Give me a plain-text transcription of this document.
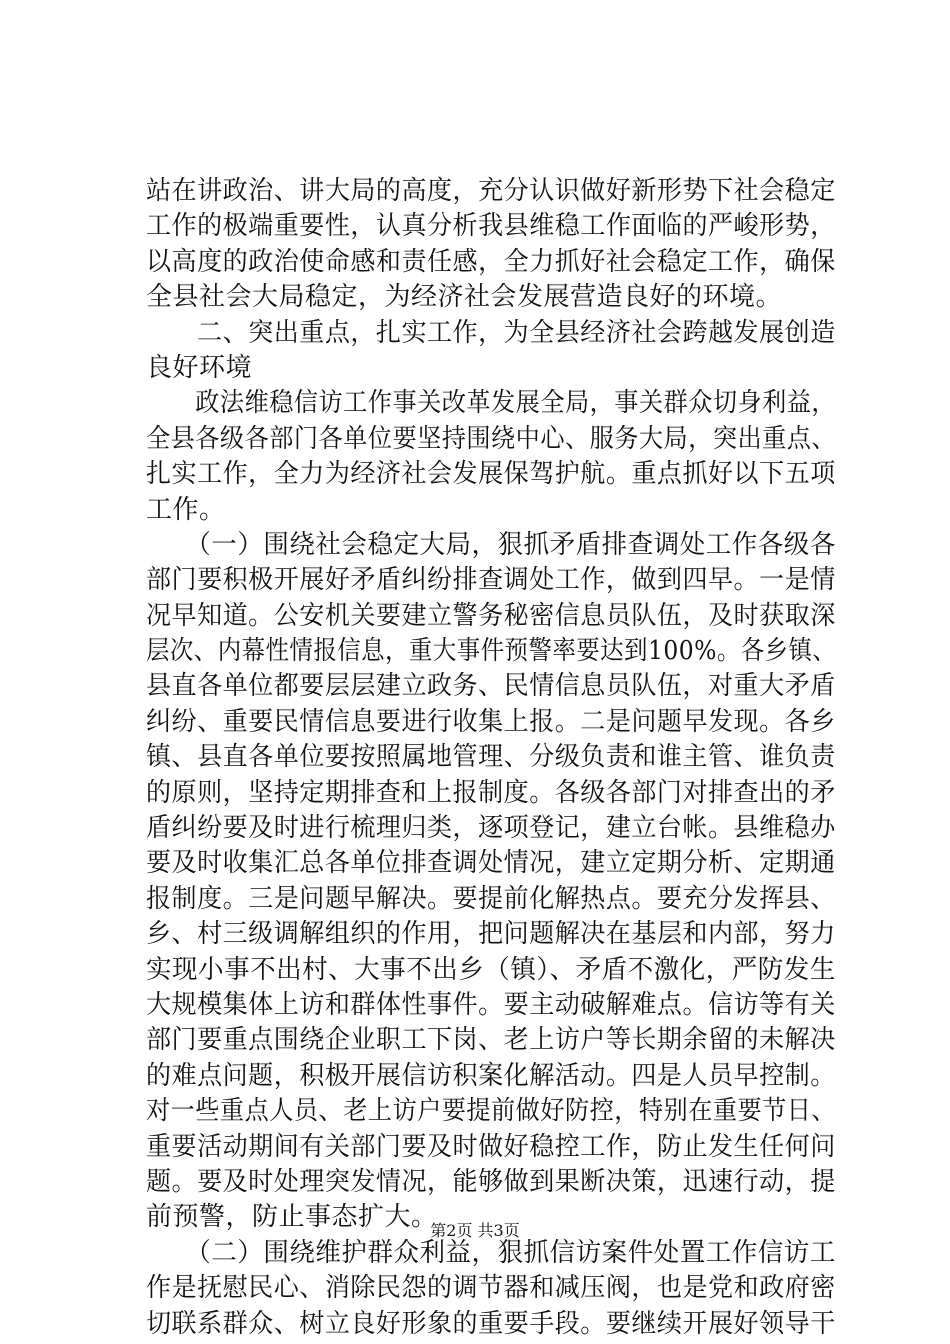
站在讲政治、讲大局的高度，充分认识做好新形势下社会稳定
工作的极端重要性，认真分析我县维稳工作面临的严峻形势，
以高度的政治使命感和责任感，全力抓好社会稳定工作，确保
全县社会大局稳定，为经济社会发展营造良好的环境。
　　二、突出重点，扎实工作，为全县经济社会跨越发展创造
良好环境
　　政法维稳信访工作事关改革发展全局，事关群众切身利益，
全县各级各部门各单位要坚持围绕中心、服务大局，突出重点、
扎实工作，全力为经济社会发展保驾护航。重点抓好以下五项
工作。
　　（一）围绕社会稳定大局，狠抓矛盾排查调处工作各级各
部门要积极开展好矛盾纠纷排查调处工作，做到四早。一是情
况早知道。公安机关要建立警务秘密信息员队伍，及时获取深
层次、内幕性情报信息，重大事件预警率要达到100%。各乡镇、
县直各单位都要层层建立政务、民情信息员队伍，对重大矛盾
纠纷、重要民情信息要进行收集上报。二是问题早发现。各乡
镇、县直各单位要按照属地管理、分级负责和谁主管、谁负责
的原则，坚持定期排查和上报制度。各级各部门对排查出的矛
盾纠纷要及时进行梳理归类，逐项登记，建立台帐。县维稳办
要及时收集汇总各单位排查调处情况，建立定期分析、定期通
报制度。三是问题早解决。要提前化解热点。要充分发挥县、
乡、村三级调解组织的作用，把问题解决在基层和内部，努力
实现小事不出村、大事不出乡（镇）、矛盾不激化，严防发生
大规模集体上访和群体性事件。要主动破解难点。信访等有关
部门要重点围绕企业职工下岗、老上访户等长期余留的未解决
的难点问题，积极开展信访积案化解活动。四是人员早控制。
对一些重点人员、老上访户要提前做好防控，特别在重要节日、
重要活动期间有关部门要及时做好稳控工作，防止发生任何问
题。要及时处理突发情况，能够做到果断决策，迅速行动，提
前预警，防止事态扩大。
　　（二）围绕维护群众利益，狠抓信访案件处置工作信访工
作是抚慰民心、消除民怨的调节器和减压阀，也是党和政府密
切联系群众、树立良好形象的重要手段。要继续开展好领导干
第2页 共3页
